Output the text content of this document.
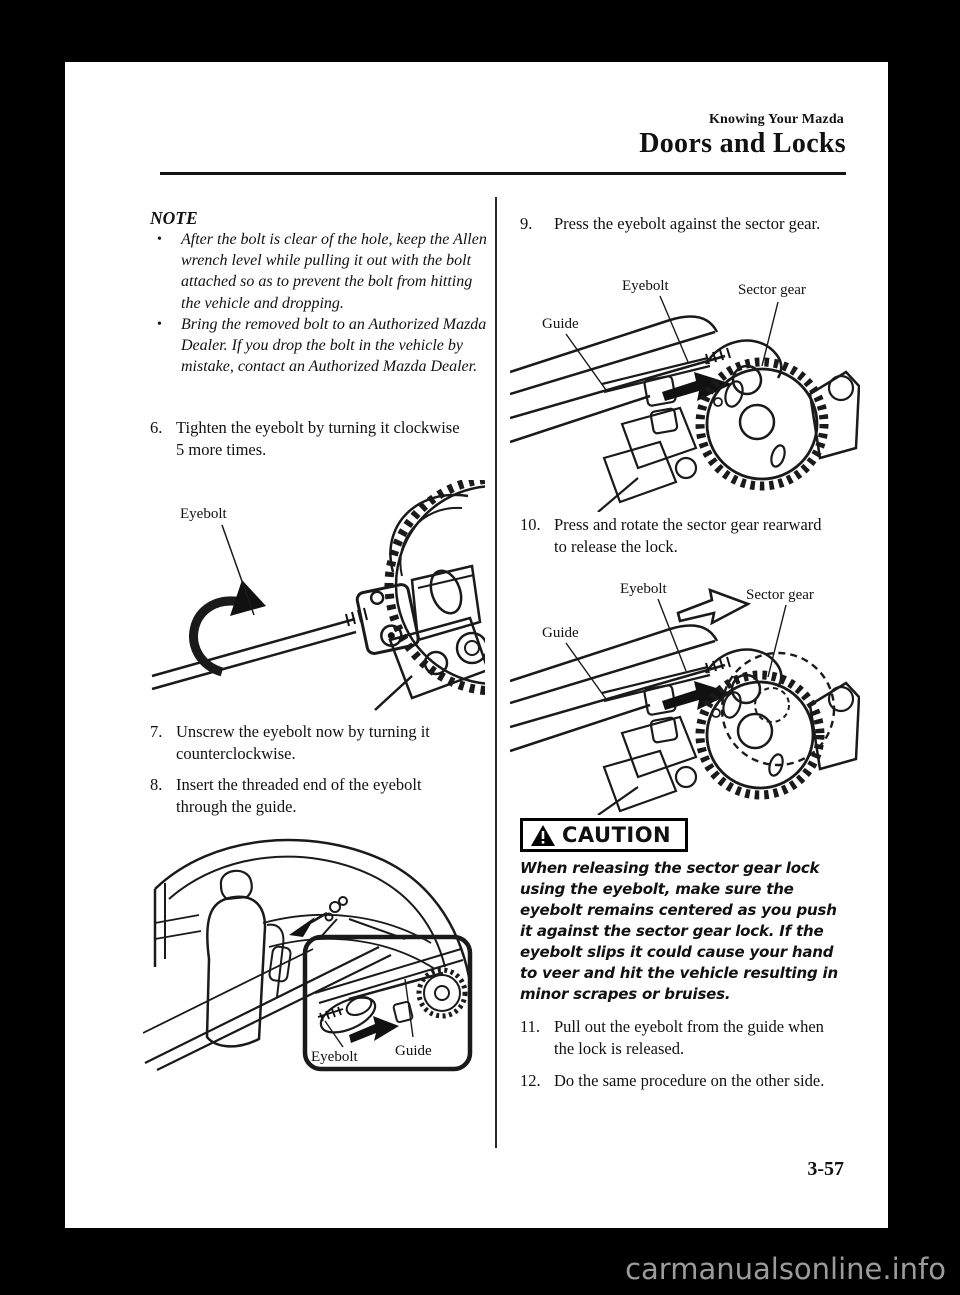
Knowing Your Mazda
Doors and Locks
NOTE
•	After the bolt is clear of the hole, keep the Allen wrench level while pulling it out with the bolt attached so as to prevent the bolt from hitting the vehicle and dropping.
•	Bring the removed bolt to an Authorized Mazda Dealer. If you drop the bolt in the vehicle by mistake, contact an Authorized Mazda Dealer.
6. Tighten the eyebolt by turning it clockwise 5 more times.
Eyebolt
7. Unscrew the eyebolt now by turning it counterclockwise.
8. Insert the threaded end of the eyebolt through the guide.
Eyebolt Guide
9.	Press the eyebolt against the sector gear.
Eyebolt	Sector gear
Guide
10. Press and rotate the sector gear rearward to release the lock.
Eyebolt	Sector gear
Guide
CAUTION
When releasing the sector gear lock using the eyebolt, make sure the eyebolt remains centered as you push it against the sector gear lock. If the eyebolt slips it could cause your hand to veer and hit the vehicle resulting in minor scrapes or bruises.
11. Pull out the eyebolt from the guide when the lock is released.
12. Do the same procedure on the other side.
3-57
carmanualsonline.info
